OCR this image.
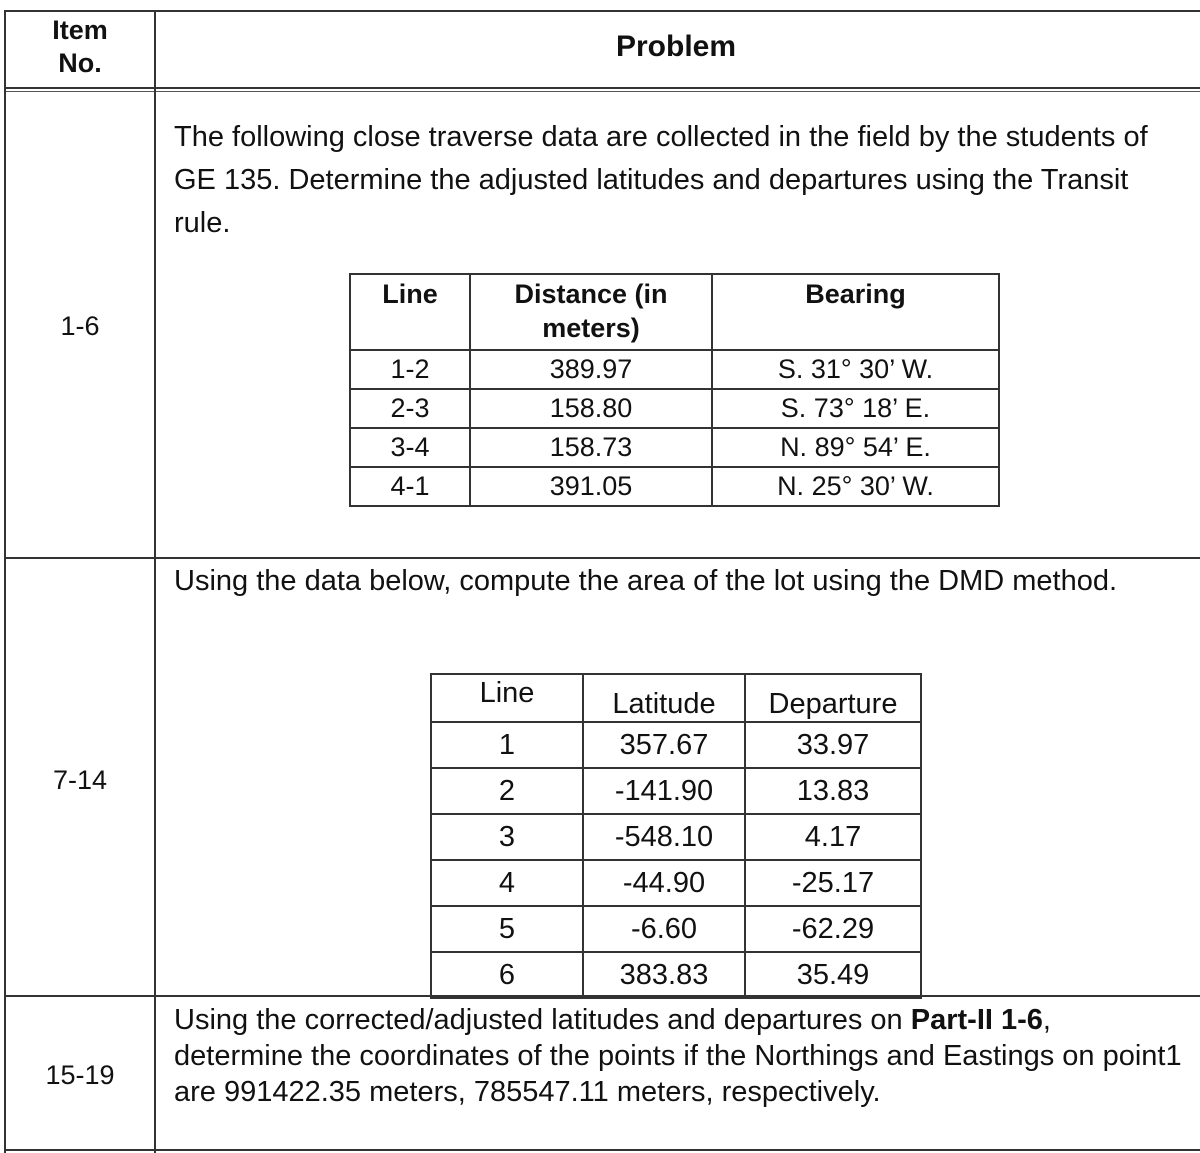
Item
No.	Problem
1-6
The following close traverse data are collected in the field by the students of GE 135. Determine the adjusted latitudes and departures using the Transit rule.
Line	Distance (in meters)	Bearing
1-2	389.97	S. 31° 30’ W.
2-3	158.80	S. 73° 18’ E.
3-4	158.73	N. 89° 54’ E.
4-1	391.05	N. 25° 30’ W.
7-14
Using the data below, compute the area of the lot using the DMD method.
Line	Latitude	Departure
1	357.67	33.97
2	-141.90	13.83
3	-548.10	4.17
4	-44.90	-25.17
5	-6.60	-62.29
6	383.83	35.49
15-19
Using the corrected/adjusted latitudes and departures on Part-II 1-6, determine the coordinates of the points if the Northings and Eastings on point1 are 991422.35 meters, 785547.11 meters, respectively.
